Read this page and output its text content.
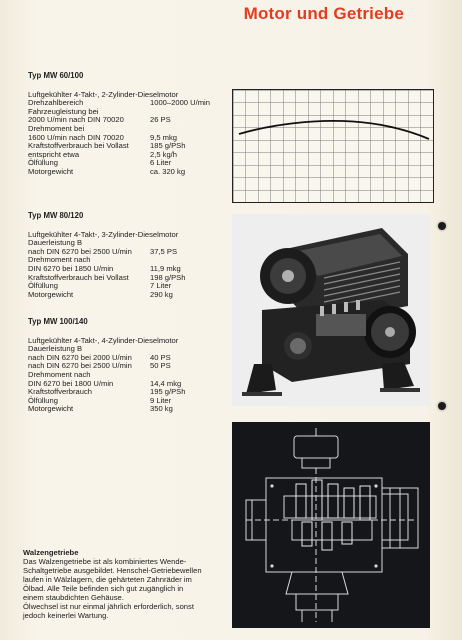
Motor und Getriebe
Typ MW 60/100
Luftgekühlter 4-Takt-, 2-Zylinder-Dieselmotor
Drehzahlbereich	1000–2000 U/min
Fahrzeugleistung bei
2000 U/min nach DIN 70020	26 PS
Drehmoment bei
1600 U/min nach DIN 70020	9,5 mkg
Kraftstoffverbrauch bei Vollast	185 g/PSh
entspricht etwa	2,5 kg/h
Ölfüllung	6 Liter
Motorgewicht	ca. 320 kg
Typ MW 80/120
Luftgekühlter 4-Takt-, 3-Zylinder-Dieselmotor
Dauerleistung B
nach DIN 6270 bei 2500 U/min	37,5 PS
Drehmoment nach
DIN 6270 bei 1850 U/min	11,9 mkg
Kraftstoffverbrauch bei Vollast	198 g/PSh
Ölfüllung	7 Liter
Motorgewicht	290 kg
Typ MW 100/140
Luftgekühlter 4-Takt-, 4-Zylinder-Dieselmotor
Dauerleistung B
nach DIN 6270 bei 2000 U/min	40 PS
nach DIN 6270 bei 2500 U/min	50 PS
Drehmoment nach
DIN 6270 bei 1800 U/min	14,4 mkg
Kraftstoffverbrauch	195 g/PSh
Ölfüllung	9 Liter
Motorgewicht	350 kg
Walzengetriebe
Das Walzengetriebe ist als kombiniertes Wende-
Schaltgetriebe ausgebildet. Henschel-Getriebewellen
laufen in Wälzlagern, die gehärteten Zahnräder im
Ölbad. Alle Teile befinden sich gut zugänglich in
einem staubdichten Gehäuse.
Ölwechsel ist nur einmal jährlich erforderlich, sonst
jedoch keinerlei Wartung.
